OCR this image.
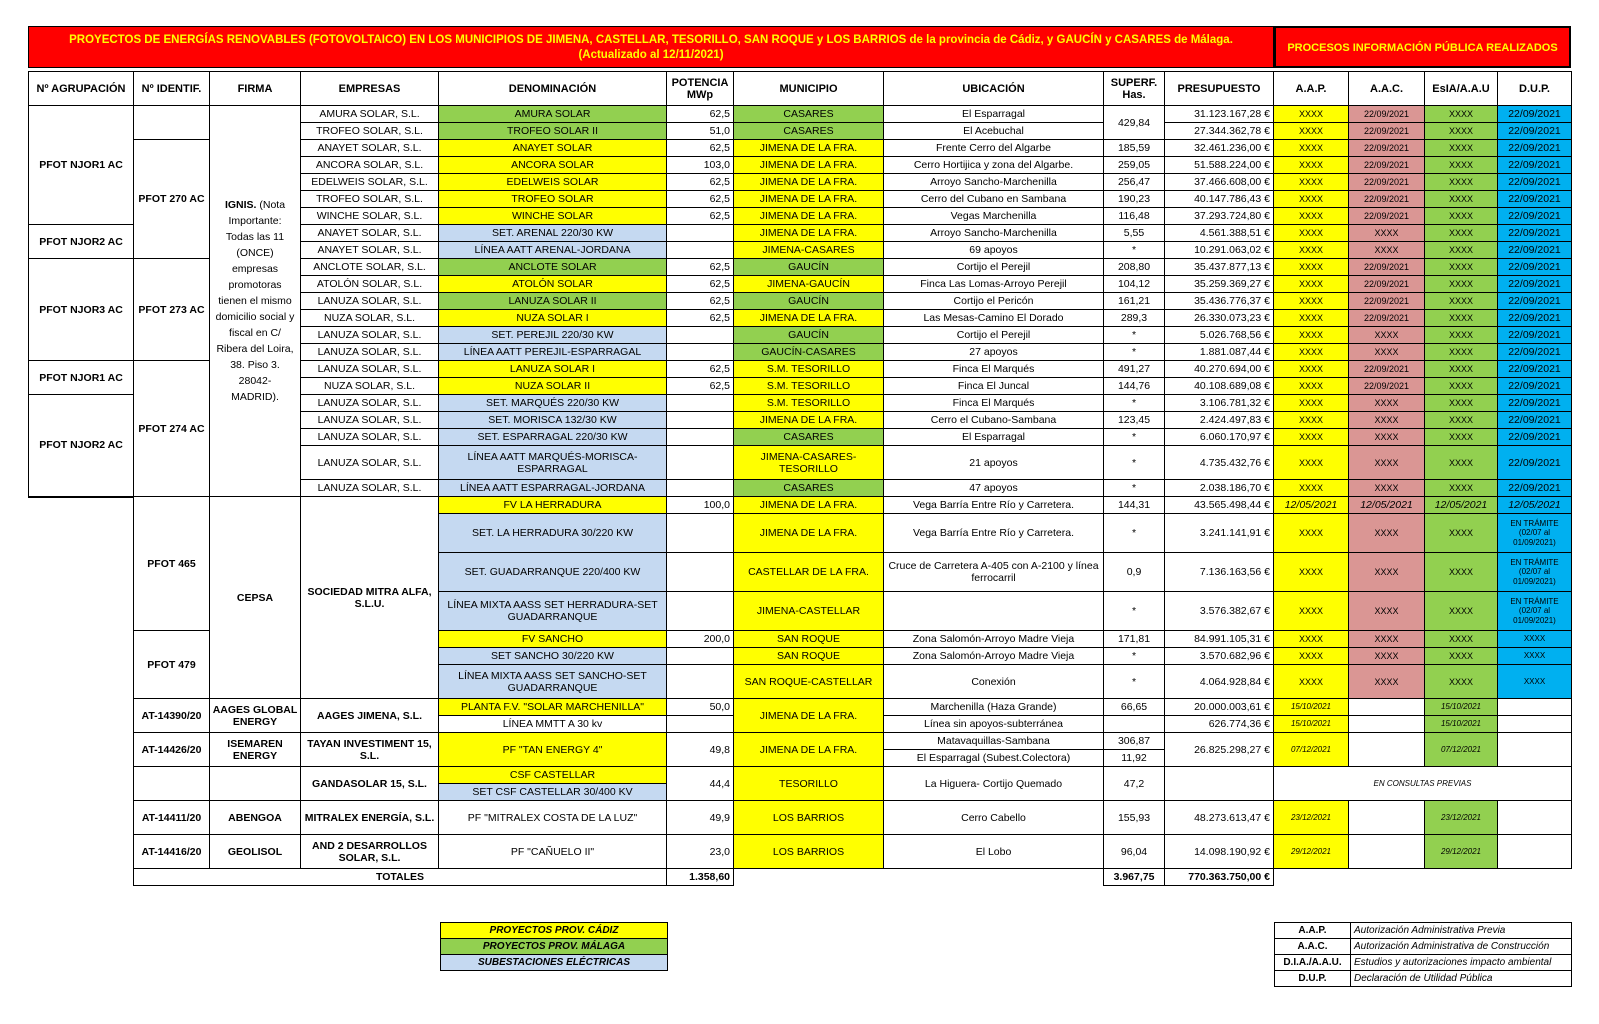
PROYECTOS DE ENERGÍAS RENOVABLES (FOTOVOLTAICO) EN LOS MUNICIPIOS DE JIMENA, CASTELLAR, TESORILLO, SAN ROQUE y LOS BARRIOS de la provincia de Cádiz, y GAUCÍN y CASARES de Málaga.
(Actualizado al 12/11/2021)
PROCESOS INFORMACIÓN PÚBLICA REALIZADOS
Nº AGRUPACIÓN	Nº IDENTIF.	FIRMA	EMPRESAS	DENOMINACIÓN	POTENCIA MWp	MUNICIPIO	UBICACIÓN	SUPERF. Has.	PRESUPUESTO	A.A.P.	A.A.C.	EsIA/A.A.U	D.U.P.
PFOT NJOR1 AC		IGNIS. (Nota Importante: Todas las 11 (ONCE) empresas promotoras tienen el mismo domicilio social y fiscal en C/ Ribera del Loira, 38. Piso 3. 28042- MADRID).	AMURA SOLAR, S.L.	AMURA SOLAR	62,5	CASARES	El Esparragal	429,84	31.123.167,28 €	XXXX	22/09/2021	XXXX	22/09/2021
			TROFEO SOLAR, S.L.	TROFEO SOLAR II	51,0	CASARES	El Acebuchal		27.344.362,78 €	XXXX	22/09/2021	XXXX	22/09/2021
	PFOT 270 AC		ANAYET SOLAR, S.L.	ANAYET SOLAR	62,5	JIMENA DE LA FRA.	Frente Cerro del Algarbe	185,59	32.461.236,00 €	XXXX	22/09/2021	XXXX	22/09/2021
			ANCORA SOLAR, S.L.	ANCORA SOLAR	103,0	JIMENA DE LA FRA.	Cerro Hortijica y zona del Algarbe.	259,05	51.588.224,00 €	XXXX	22/09/2021	XXXX	22/09/2021
			EDELWEIS SOLAR, S.L.	EDELWEIS SOLAR	62,5	JIMENA DE LA FRA.	Arroyo Sancho-Marchenilla	256,47	37.466.608,00 €	XXXX	22/09/2021	XXXX	22/09/2021
			TROFEO SOLAR, S.L.	TROFEO SOLAR	62,5	JIMENA DE LA FRA.	Cerro del Cubano en Sambana	190,23	40.147.786,43 €	XXXX	22/09/2021	XXXX	22/09/2021
			WINCHE SOLAR, S.L.	WINCHE SOLAR	62,5	JIMENA DE LA FRA.	Vegas Marchenilla	116,48	37.293.724,80 €	XXXX	22/09/2021	XXXX	22/09/2021
PFOT NJOR2 AC			ANAYET SOLAR, S.L.	SET. ARENAL 220/30 KW		JIMENA DE LA FRA.	Arroyo Sancho-Marchenilla	5,55	4.561.388,51 €	XXXX	XXXX	XXXX	22/09/2021
			ANAYET SOLAR, S.L.	LÍNEA AATT ARENAL-JORDANA		JIMENA-CASARES	69 apoyos	*	10.291.063,02 €	XXXX	XXXX	XXXX	22/09/2021
PFOT NJOR3 AC	PFOT 273 AC		ANCLOTE SOLAR, S.L.	ANCLOTE SOLAR	62,5	GAUCÍN	Cortijo el Perejil	208,80	35.437.877,13 €	XXXX	22/09/2021	XXXX	22/09/2021
			ATOLÓN SOLAR, S.L.	ATOLÓN SOLAR	62,5	JIMENA-GAUCÍN	Finca Las Lomas-Arroyo Perejil	104,12	35.259.369,27 €	XXXX	22/09/2021	XXXX	22/09/2021
			LANUZA SOLAR, S.L.	LANUZA SOLAR II	62,5	GAUCÍN	Cortijo el Pericón	161,21	35.436.776,37 €	XXXX	22/09/2021	XXXX	22/09/2021
			NUZA SOLAR, S.L.	NUZA SOLAR I	62,5	JIMENA DE LA FRA.	Las Mesas-Camino El Dorado	289,3	26.330.073,23 €	XXXX	22/09/2021	XXXX	22/09/2021
			LANUZA SOLAR, S.L.	SET. PEREJIL 220/30 KW		GAUCÍN	Cortijo el Perejil	*	5.026.768,56 €	XXXX	XXXX	XXXX	22/09/2021
			LANUZA SOLAR, S.L.	LÍNEA AATT PEREJIL-ESPARRAGAL		GAUCÍN-CASARES	27 apoyos	*	1.881.087,44 €	XXXX	XXXX	XXXX	22/09/2021
PFOT NJOR1 AC	PFOT 274 AC		LANUZA SOLAR, S.L.	LANUZA SOLAR I	62,5	S.M. TESORILLO	Finca El Marqués	491,27	40.270.694,00 €	XXXX	22/09/2021	XXXX	22/09/2021
			NUZA SOLAR, S.L.	NUZA SOLAR II	62,5	S.M. TESORILLO	Finca El Juncal	144,76	40.108.689,08 €	XXXX	22/09/2021	XXXX	22/09/2021
PFOT NJOR2 AC			LANUZA SOLAR, S.L.	SET. MARQUÉS 220/30 KW		S.M. TESORILLO	Finca El Marqués	*	3.106.781,32 €	XXXX	XXXX	XXXX	22/09/2021
			LANUZA SOLAR, S.L.	SET. MORISCA 132/30 KW		JIMENA DE LA FRA.	Cerro el Cubano-Sambana	123,45	2.424.497,83 €	XXXX	XXXX	XXXX	22/09/2021
			LANUZA SOLAR, S.L.	SET. ESPARRAGAL 220/30 KW		CASARES	El Esparragal	*	6.060.170,97 €	XXXX	XXXX	XXXX	22/09/2021
			LANUZA SOLAR, S.L.	LÍNEA AATT MARQUÉS-MORISCA-ESPARRAGAL		JIMENA-CASARES-TESORILLO	21 apoyos	*	4.735.432,76 €	XXXX	XXXX	XXXX	22/09/2021
			LANUZA SOLAR, S.L.	LÍNEA AATT ESPARRAGAL-JORDANA		CASARES	47 apoyos	*	2.038.186,70 €	XXXX	XXXX	XXXX	22/09/2021
	PFOT 465	CEPSA	SOCIEDAD MITRA ALFA, S.L.U.	FV LA HERRADURA	100,0	JIMENA DE LA FRA.	Vega Barría Entre Río y Carretera.	144,31	43.565.498,44 €	12/05/2021	12/05/2021	12/05/2021	12/05/2021
				SET. LA HERRADURA 30/220 KW		JIMENA DE LA FRA.	Vega Barría Entre Río y Carretera.	*	3.241.141,91 €	XXXX	XXXX	XXXX	EN TRÁMITE (02/07 al 01/09/2021)
				SET. GUADARRANQUE 220/400 KW		CASTELLAR DE LA FRA.	Cruce de Carretera A-405 con A-2100 y línea ferrocarril	0,9	7.136.163,56 €	XXXX	XXXX	XXXX	EN TRÁMITE (02/07 al 01/09/2021)
				LÍNEA MIXTA AASS SET HERRADURA-SET GUADARRANQUE		JIMENA-CASTELLAR		*	3.576.382,67 €	XXXX	XXXX	XXXX	EN TRÁMITE (02/07 al 01/09/2021)
	PFOT 479			FV SANCHO	200,0	SAN ROQUE	Zona Salomón-Arroyo Madre Vieja	171,81	84.991.105,31 €	XXXX	XXXX	XXXX	XXXX
				SET SANCHO 30/220 KW		SAN ROQUE	Zona Salomón-Arroyo Madre Vieja	*	3.570.682,96 €	XXXX	XXXX	XXXX	XXXX
				LÍNEA MIXTA AASS SET SANCHO-SET GUADARRANQUE		SAN ROQUE-CASTELLAR	Conexión	*	4.064.928,84 €	XXXX	XXXX	XXXX	XXXX
	AT-14390/20	AAGES GLOBAL ENERGY	AAGES JIMENA, S.L.	PLANTA F.V. "SOLAR MARCHENILLA"	50,0	JIMENA DE LA FRA.	Marchenilla (Haza Grande)	66,65	20.000.003,61 €	15/10/2021		15/10/2021	
				LÍNEA MMTT A 30 kv			Línea sin apoyos-subterránea		626.774,36 €	15/10/2021		15/10/2021	
	AT-14426/20	ISEMAREN ENERGY	TAYAN INVESTIMENT 15, S.L.	PF "TAN ENERGY 4"	49,8	JIMENA DE LA FRA.	Matavaquillas-Sambana	306,87	26.825.298,27 €	07/12/2021		07/12/2021	
							El Esparragal (Subest.Colectora)	11,92					
			GANDASOLAR 15, S.L.	CSF CASTELLAR	44,4	TESORILLO	La Higuera- Cortijo Quemado	47,2		EN CONSULTAS PREVIAS			
				SET CSF CASTELLAR 30/400 KV									
	AT-14411/20	ABENGOA	MITRALEX ENERGÍA, S.L.	PF "MITRALEX COSTA DE LA LUZ"	49,9	LOS BARRIOS	Cerro Cabello	155,93	48.273.613,47 €	23/12/2021		23/12/2021	
	AT-14416/20	GEOLISOL	AND 2 DESARROLLOS SOLAR, S.L.	PF "CAÑUELO II"	23,0	LOS BARRIOS	El Lobo	96,04	14.098.190,92 €	29/12/2021		29/12/2021	
	TOTALES				1.358,60			3.967,75	770.363.750,00 €				
PROYECTOS PROV. CÁDIZ
PROYECTOS PROV. MÁLAGA
SUBESTACIONES ELÉCTRICAS
A.A.P.	Autorización Administrativa Previa
A.A.C.	Autorización Administrativa de Construcción
D.I.A./A.A.U.	Estudios y autorizaciones impacto ambiental
D.U.P.	Declaración de Utilidad Pública
